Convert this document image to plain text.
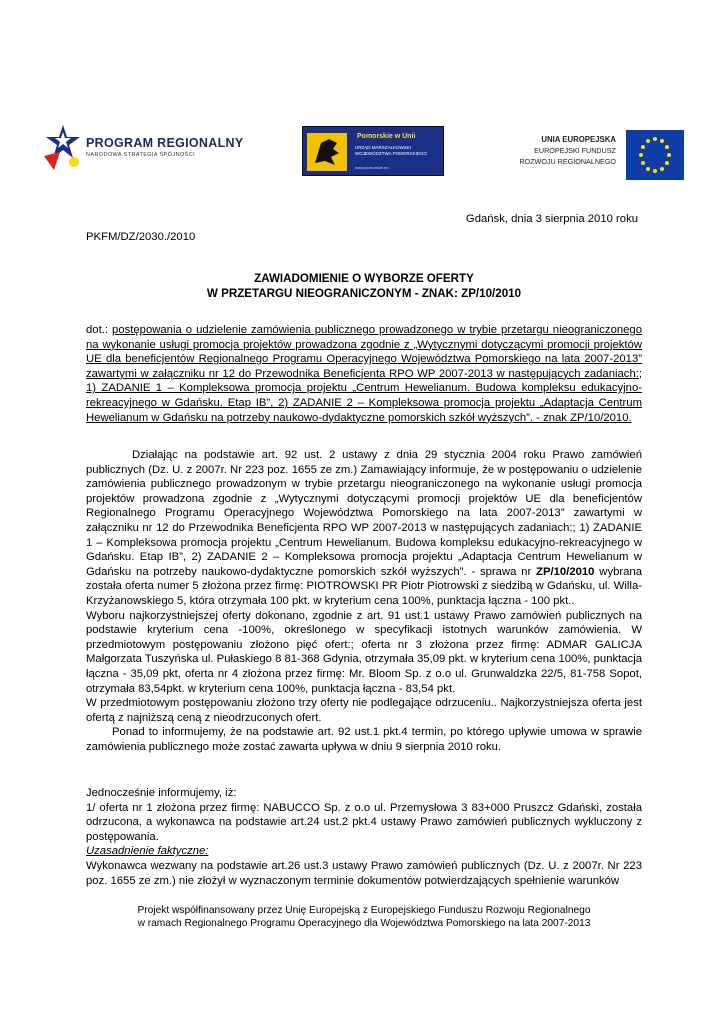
PROGRAM REGIONALNY
NARODOWA STRATEGIA SPÓJNOŚCI
Pomorskie w Unii
URZĄD MARSZAŁKOWSKI WOJEWÓDZTWA POMORSKIEGO
www.pomorskie.eu
UNIA EUROPEJSKA
EUROPEJSKI FUNDUSZ
ROZWOJU REGIONALNEGO
Gdańsk, dnia 3 sierpnia 2010 roku
PKFM/DZ/2030./2010
ZAWIADOMIENIE O WYBORZE OFERTY
W PRZETARGU NIEOGRANICZONYM - ZNAK: ZP/10/2010
dot.: postępowania o udzielenie zamówienia publicznego prowadzonego w trybie przetargu nieograniczonego na wykonanie usługi promocja projektów prowadzona zgodnie z „Wytycznymi dotyczącymi promocji projektów UE dla beneficjentów Regionalnego Programu Operacyjnego Województwa Pomorskiego na lata 2007-2013” zawartymi w załączniku nr 12 do Przewodnika Beneficjenta RPO WP 2007-2013 w następujących zadaniach:; 1) ZADANIE 1 – Kompleksowa promocja projektu „Centrum Hewelianum. Budowa kompleksu edukacyjno-rekreacyjnego w Gdańsku. Etap IB”, 2) ZADANIE 2 – Kompleksowa promocja projektu „Adaptacja Centrum Hewelianum w Gdańsku na potrzeby naukowo-dydaktyczne pomorskich szkół wyższych”. - znak ZP/10/2010.

Działając na podstawie art. 92 ust. 2 ustawy z dnia 29 stycznia 2004 roku Prawo zamówień publicznych (Dz. U. z 2007r. Nr 223 poz. 1655 ze zm.) Zamawiający informuje, że w postępowaniu o udzielenie zamówienia publicznego prowadzonym w trybie przetargu nieograniczonego na wykonanie usługi promocja projektów prowadzona zgodnie z „Wytycznymi dotyczącymi promocji projektów UE dla beneficjentów Regionalnego Programu Operacyjnego Województwa Pomorskiego na lata 2007-2013” zawartymi w załączniku nr 12 do Przewodnika Beneficjenta RPO WP 2007-2013 w następujących zadaniach:; 1) ZADANIE 1 – Kompleksowa promocja projektu „Centrum Hewelianum. Budowa kompleksu edukacyjno-rekreacyjnego w Gdańsku. Etap IB”, 2) ZADANIE 2 – Kompleksowa promocja projektu „Adaptacja Centrum Hewelianum w Gdańsku na potrzeby naukowo-dydaktyczne pomorskich szkół wyższych”. - sprawa nr ZP/10/2010 wybrana została oferta numer 5 złożona przez firmę: PIOTROWSKI PR Piotr Piotrowski z siedzibą w Gdańsku, ul. Willa-Krzyżanowskiego 5, która otrzymała 100 pkt. w kryterium cena 100%, punktacja łączna - 100 pkt..

Wyboru najkorzystniejszej oferty dokonano, zgodnie z art. 91 ust.1 ustawy Prawo zamówień publicznych na podstawie kryterium cena -100%, określonego w specyfikacji istotnych warunków zamówienia. W przedmiotowym postępowaniu złożono pięć ofert:; oferta nr 3 złożona przez firmę: ADMAR GALICJA Małgorzata Tuszyńska ul. Pułaskiego 8 81-368 Gdynia, otrzymała 35,09 pkt. w kryterium cena 100%, punktacja łączna - 35,09 pkt, oferta nr 4 złożona przez firmę: Mr. Bloom Sp. z o.o ul. Grunwaldzka 22/5, 81-758 Sopot, otrzymała 83,54pkt. w kryterium cena 100%, punktacja łączna - 83,54 pkt.

W przedmiotowym postępowaniu złożono trzy oferty nie podlegające odrzuceniu.. Najkorzystniejsza oferta jest ofertą z najniższą ceną z nieodrzuconych ofert.

Ponad to informujemy, że na podstawie art. 92 ust.1 pkt.4 termin, po którego upływie umowa w sprawie zamówienia publicznego może zostać zawarta upływa w dniu 9 sierpnia 2010 roku.

Jednocześnie informujemy, iż:

1/ oferta nr 1 złożona przez firmę: NABUCCO Sp. z o.o ul. Przemysłowa 3 83+000 Pruszcz Gdański, została odrzucona, a wykonawca na podstawie art.24 ust.2 pkt.4 ustawy Prawo zamówień publicznych wykluczony z postępowania.

Uzasadnienie faktyczne:

Wykonawca wezwany na podstawie art.26 ust.3 ustawy Prawo zamówień publicznych (Dz. U. z 2007r. Nr 223 poz. 1655 ze zm.) nie złożył w wyznaczonym terminie dokumentów potwierdzających spełnienie warunków

Projekt współfinansowany przez Unię Europejską z Europejskiego Funduszu Rozwoju Regionalnego
w ramach Regionalnego Programu Operacyjnego dla Województwa Pomorskiego na lata 2007-2013
